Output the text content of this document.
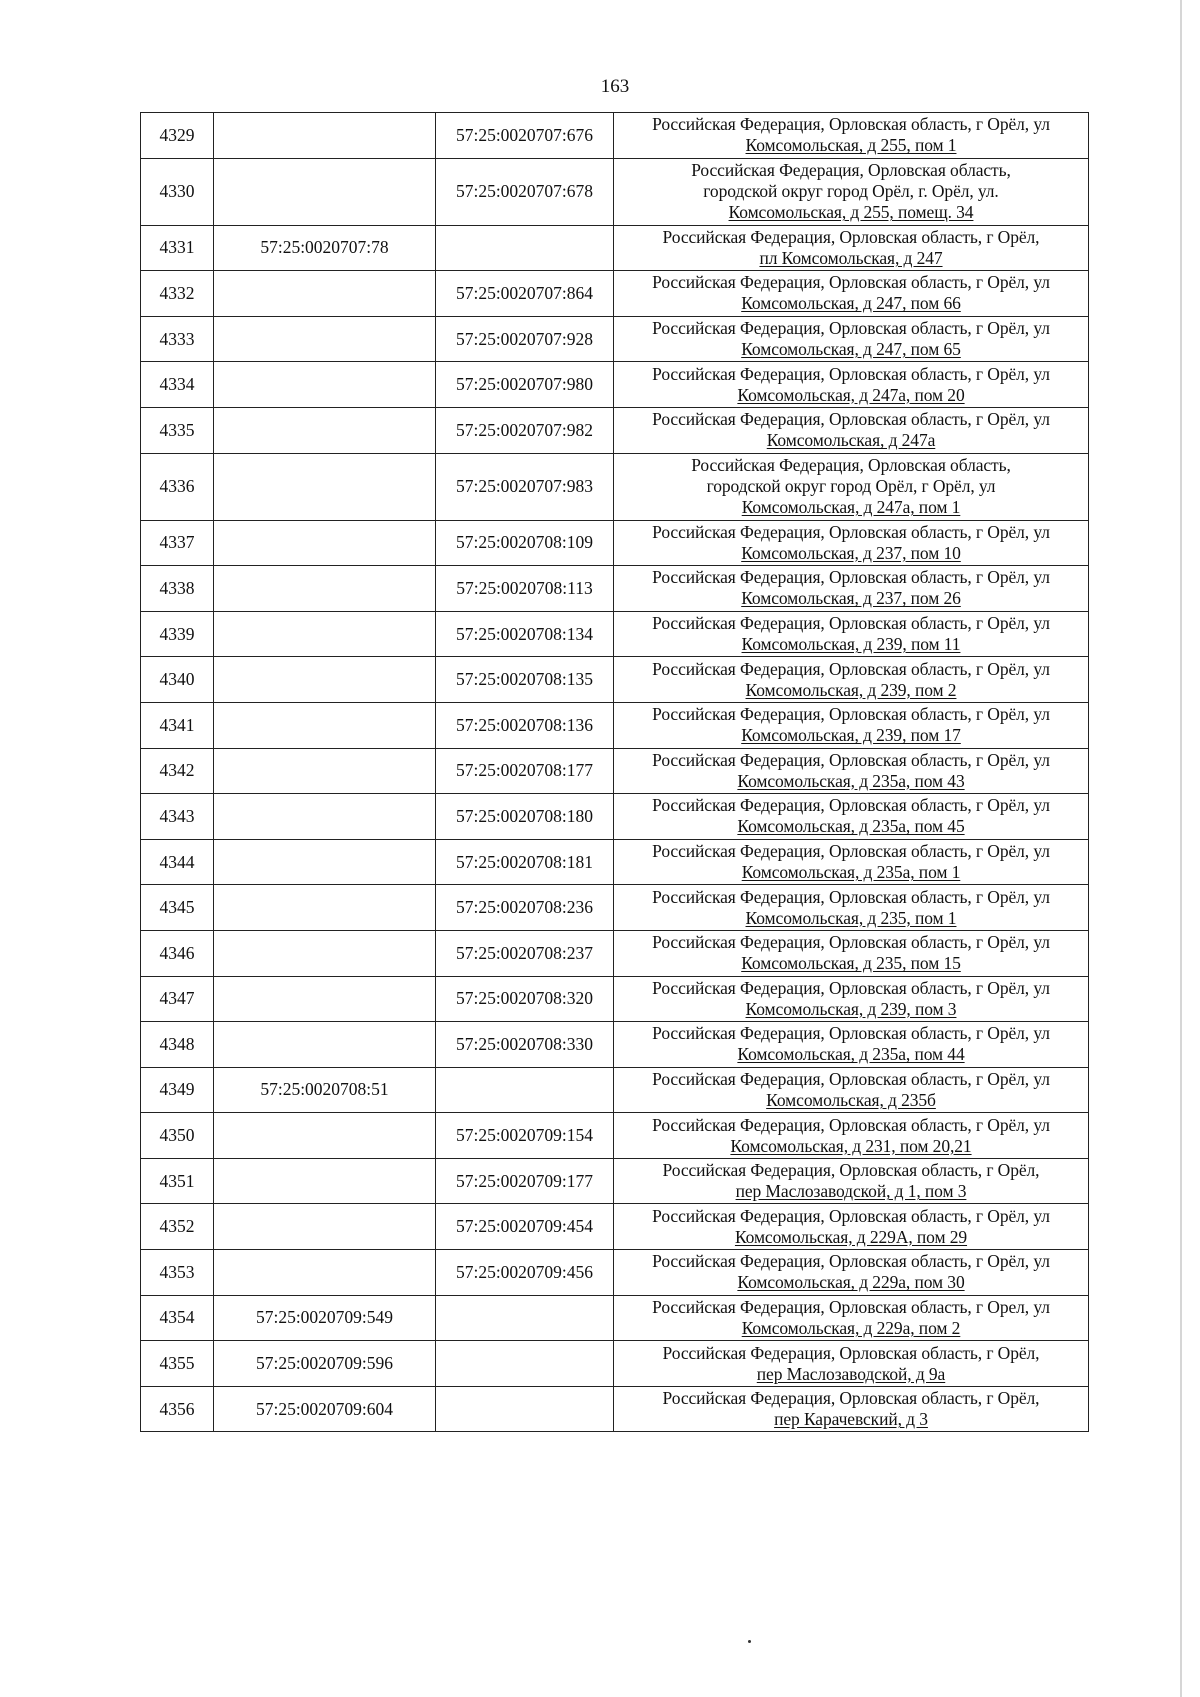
163
4329		57:25:0020707:676	Российская Федерация, Орловская область, г Орёл, ул
Комсомольская, д 255, пом 1

4330		57:25:0020707:678	Российская Федерация, Орловская область,
городской округ город Орёл, г. Орёл, ул.
Комсомольская, д 255, помещ. 34

4331	57:25:0020707:78		Российская Федерация, Орловская область, г Орёл,
пл Комсомольская, д 247

4332		57:25:0020707:864	Российская Федерация, Орловская область, г Орёл, ул
Комсомольская, д 247, пом 66

4333		57:25:0020707:928	Российская Федерация, Орловская область, г Орёл, ул
Комсомольская, д 247, пом 65

4334		57:25:0020707:980	Российская Федерация, Орловская область, г Орёл, ул
Комсомольская, д 247а, пом 20

4335		57:25:0020707:982	Российская Федерация, Орловская область, г Орёл, ул
Комсомольская, д 247а

4336		57:25:0020707:983	Российская Федерация, Орловская область,
городской округ город Орёл, г Орёл, ул
Комсомольская, д 247а, пом 1

4337		57:25:0020708:109	Российская Федерация, Орловская область, г Орёл, ул
Комсомольская, д 237, пом 10

4338		57:25:0020708:113	Российская Федерация, Орловская область, г Орёл, ул
Комсомольская, д 237, пом 26

4339		57:25:0020708:134	Российская Федерация, Орловская область, г Орёл, ул
Комсомольская, д 239, пом 11

4340		57:25:0020708:135	Российская Федерация, Орловская область, г Орёл, ул
Комсомольская, д 239, пом 2

4341		57:25:0020708:136	Российская Федерация, Орловская область, г Орёл, ул
Комсомольская, д 239, пом 17

4342		57:25:0020708:177	Российская Федерация, Орловская область, г Орёл, ул
Комсомольская, д 235а, пом 43

4343		57:25:0020708:180	Российская Федерация, Орловская область, г Орёл, ул
Комсомольская, д 235а, пом 45

4344		57:25:0020708:181	Российская Федерация, Орловская область, г Орёл, ул
Комсомольская, д 235а, пом 1

4345		57:25:0020708:236	Российская Федерация, Орловская область, г Орёл, ул
Комсомольская, д 235, пом 1

4346		57:25:0020708:237	Российская Федерация, Орловская область, г Орёл, ул
Комсомольская, д 235, пом 15

4347		57:25:0020708:320	Российская Федерация, Орловская область, г Орёл, ул
Комсомольская, д 239, пом 3

4348		57:25:0020708:330	Российская Федерация, Орловская область, г Орёл, ул
Комсомольская, д 235а, пом 44

4349	57:25:0020708:51		Российская Федерация, Орловская область, г Орёл, ул
Комсомольская, д 235б

4350		57:25:0020709:154	Российская Федерация, Орловская область, г Орёл, ул
Комсомольская, д 231, пом 20,21

4351		57:25:0020709:177	Российская Федерация, Орловская область, г Орёл,
пер Маслозаводской, д 1, пом 3

4352		57:25:0020709:454	Российская Федерация, Орловская область, г Орёл, ул
Комсомольская, д 229А, пом 29

4353		57:25:0020709:456	Российская Федерация, Орловская область, г Орёл, ул
Комсомольская, д 229а, пом 30

4354	57:25:0020709:549		Российская Федерация, Орловская область, г Орел, ул
Комсомольская, д 229а, пом 2

4355	57:25:0020709:596		Российская Федерация, Орловская область, г Орёл,
пер Маслозаводской, д 9а

4356	57:25:0020709:604		Российская Федерация, Орловская область, г Орёл,
пер Карачевский, д 3
